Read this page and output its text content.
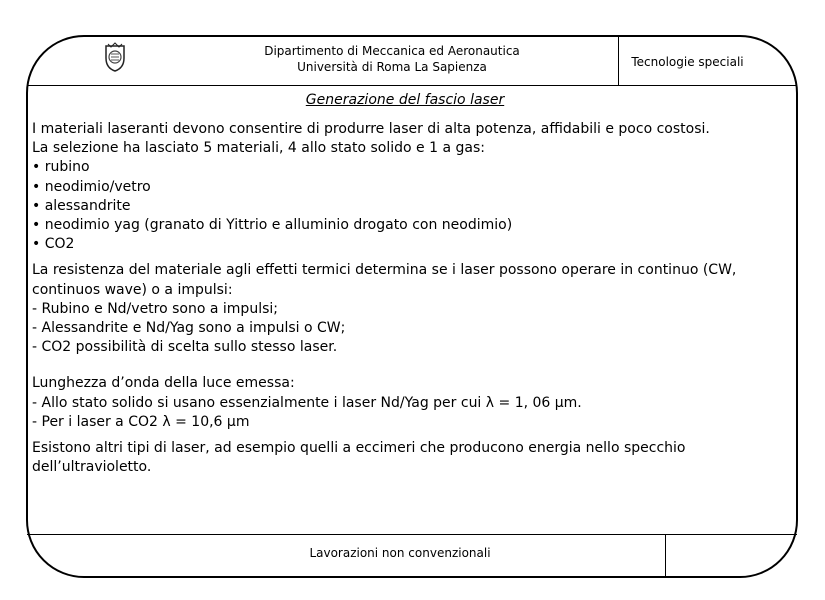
Dipartimento di Meccanica ed Aeronautica
Università di Roma La Sapienza	Tecnologie speciali
Generazione del fascio laser

I materiali laseranti devono consentire di produrre laser di alta potenza, affidabili e poco costosi.

La selezione ha lasciato 5 materiali, 4 allo stato solido e 1 a gas:

• rubino

• neodimio/vetro

• alessandrite

• neodimio yag (granato di Yittrio e alluminio drogato con neodimio)

• CO2

La resistenza del materiale agli effetti termici determina se i laser possono operare in continuo (CW,

continuos wave) o a impulsi:

- Rubino e Nd/vetro sono a impulsi;

- Alessandrite e Nd/Yag sono a impulsi o CW;

- CO2 possibilità di scelta sullo stesso laser.

Lunghezza d’onda della luce emessa:

- Allo stato solido si usano essenzialmente i laser Nd/Yag per cui λ = 1, 06 μm.

- Per i laser a CO2 λ = 10,6 μm

Esistono altri tipi di laser, ad esempio quelli a eccimeri che producono energia nello specchio

dell’ultravioletto.

Lavorazioni non convenzionali
